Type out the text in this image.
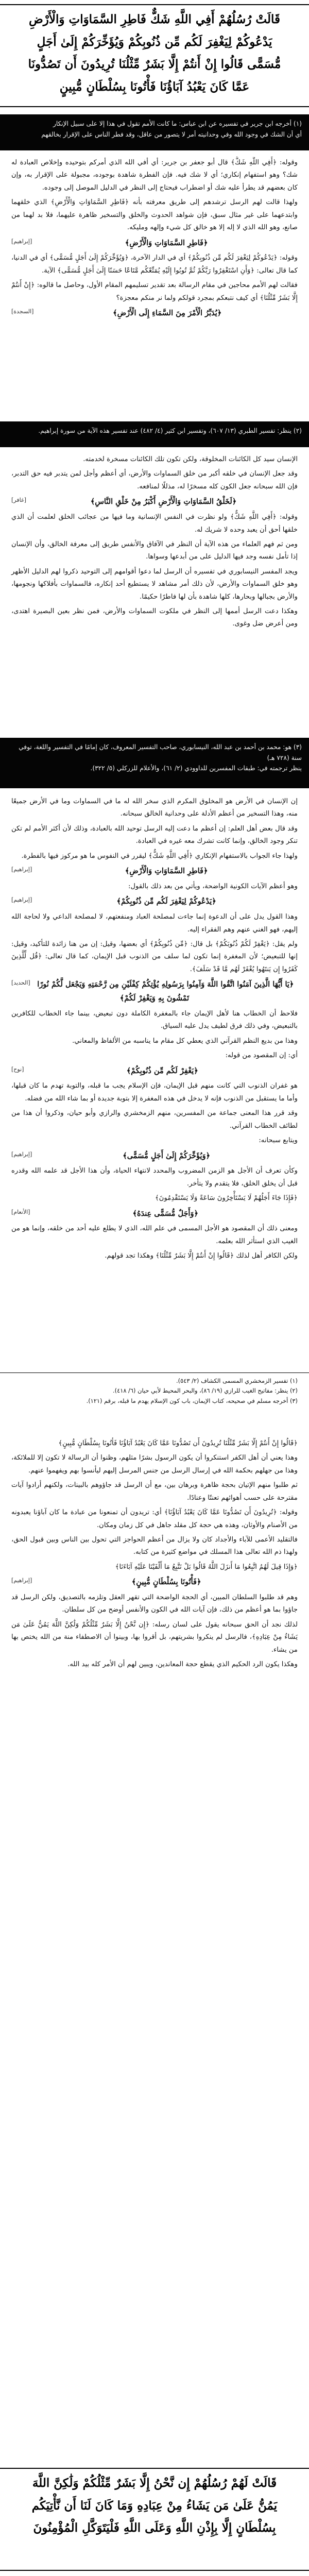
قَالَتْ رُسُلُهُمْ أَفِي اللَّهِ شَكٌّ فَاطِرِ السَّمَاوَاتِ وَالْأَرْضِ
يَدْعُوكُمْ لِيَغْفِرَ لَكُم مِّن ذُنُوبِكُمْ وَيُؤَخِّرَكُمْ إِلَىٰ أَجَلٍ
مُّسَمًّى قَالُوا إِنْ أَنتُمْ إِلَّا بَشَرٌ مِّثْلُنَا تُرِيدُونَ أَن تَصُدُّونَا
عَمَّا كَانَ يَعْبُدُ آبَاؤُنَا فَأْتُونَا بِسُلْطَانٍ مُّبِينٍ
(١) أخرجه ابن جرير في تفسيره عن ابن عباس: ما كانت الأمم تقول في هذا إلا على سبيل الإنكار
أي أن الشك في وجود الله وفي وحدانيته أمر لا يتصور من عاقل، وقد فطر الناس على الإقرار بخالقهم

وقوله: ﴿أَفِي اللَّهِ شَكٌّ﴾ قال أبو جعفر بن جرير: أي أفي الله الذي أمركم بتوحيده وإخلاص العبادة له شك؟ وهو استفهام إنكاري؛ أي لا شك فيه. فإن الفطرة شاهدة بوجوده، مجبولة على الإقرار به، وإن كان بعضهم قد يطرأ عليه شك أو اضطراب فيحتاج إلى النظر في الدليل الموصل إلى وجوده.

ولهذا قالت لهم الرسل ترشدهم إلى طريق معرفته بأنه ﴿فَاطِرِ السَّمَاوَاتِ وَالْأَرْضِ﴾ الذي خلقهما وابتدعهما على غير مثال سبق، فإن شواهد الحدوث والخلق والتسخير ظاهرة عليهما، فلا بد لهما من صانع، وهو الله الذي لا إله إلا هو خالق كل شيء وإلهه ومليكه.

[إبراهيم]	﴿فَاطِرِ السَّمَاوَاتِ وَالْأَرْضِ﴾

وقوله: ﴿يَدْعُوكُمْ لِيَغْفِرَ لَكُم مِّن ذُنُوبِكُمْ﴾ أي في الدار الآخرة، ﴿وَيُؤَخِّرَكُمْ إِلَىٰ أَجَلٍ مُّسَمًّى﴾ أي في الدنيا، كما قال تعالى: ﴿وَأَنِ اسْتَغْفِرُوا رَبَّكُمْ ثُمَّ تُوبُوا إِلَيْهِ يُمَتِّعْكُم مَّتَاعًا حَسَنًا إِلَىٰ أَجَلٍ مُّسَمًّى﴾ الآية.

فقالت لهم الأمم محاجين في مقام الرسالة بعد تقدير تسليمهم المقام الأول، وحاصل ما قالوه: ﴿إِنْ أَنتُمْ إِلَّا بَشَرٌ مِّثْلُنَا﴾ أي كيف نتبعكم بمجرد قولكم ولما نر منكم معجزة؟

[السجدة]	﴿يُدَبِّرُ الْأَمْرَ مِنَ السَّمَاءِ إِلَى الْأَرْضِ﴾
(٢) ينظر: تفسير الطبري (١٣/ ٦٠٧)، وتفسير ابن كثير (٤/ ٤٨٢) عند تفسير هذه الآية من سورة إبراهيم.

الإنسان سيد كل الكائنات المخلوقة، ولكن تكون تلك الكائنات مسخرة لخدمته.

وقد جعل الإنسان في خلقه أكبر من خلق السماوات والأرض، أي أعظم وأجل لمن يتدبر فيه حق التدبر، فإن الله سبحانه جعل الكون كله مسخرًا له، مذللًا لمنافعه.

[غافر]	﴿لَخَلْقُ السَّمَاوَاتِ وَالْأَرْضِ أَكْبَرُ مِنْ خَلْقِ النَّاسِ﴾

وقوله: ﴿أَفِي اللَّهِ شَكٌّ﴾ ولو نظرت في النفس الإنسانية وما فيها من عجائب الخلق لعلمت أن الذي خلقها أحق أن يعبد وحده لا شريك له.

ومن ثم فهم العلماء من هذه الآية أن النظر في الآفاق والأنفس طريق إلى معرفة الخالق، وأن الإنسان إذا تأمل نفسه وجد فيها الدليل على من أبدعها وسواها.

ويجد المفسر النيسابوري في تفسيره أن الرسل لما دعوا أقوامهم إلى التوحيد ذكروا لهم الدليل الأظهر وهو خلق السماوات والأرض، لأن ذلك أمر مشاهد لا يستطيع أحد إنكاره، فالسماوات بأفلاكها ونجومها، والأرض بجبالها وبحارها، كلها شاهدة بأن لها فاطرًا حكيمًا.

وهكذا دعت الرسل أممها إلى النظر في ملكوت السماوات والأرض، فمن نظر بعين البصيرة اهتدى، ومن أعرض ضل وغوى.

(٣) هو: محمد بن أحمد بن عبد الله، النيسابوري، صاحب التفسير المعروف، كان إمامًا في التفسير واللغة، توفي سنة (٧٢٨ هـ)
ينظر ترجمته في: طبقات المفسرين للداوودي (٢/ ٦١)، والأعلام للزركلي (٥/ ٣٢٢).

إن الإنسان في الأرض هو المخلوق المكرم الذي سخر الله له ما في السماوات وما في الأرض جميعًا منه، وهذا التسخير من أعظم الأدلة على وحدانية الخالق سبحانه.

وقد قال بعض أهل العلم: إن أعظم ما دعت إليه الرسل توحيد الله بالعبادة، وذلك لأن أكثر الأمم لم تكن تنكر وجود الخالق، وإنما كانت تشرك معه غيره في العبادة.

ولهذا جاء الجواب بالاستفهام الإنكاري ﴿أَفِي اللَّهِ شَكٌّ﴾ ليقرر في النفوس ما هو مركوز فيها بالفطرة.

[إبراهيم]	﴿فَاطِرِ السَّمَاوَاتِ وَالْأَرْضِ﴾

وهو أعظم الآيات الكونية الواضحة، ويأتي من بعد ذلك بالقول:

[إبراهيم]	﴿يَدْعُوكُمْ لِيَغْفِرَ لَكُم مِّن ذُنُوبِكُمْ﴾

وهذا القول يدل على أن الدعوة إنما جاءت لمصلحة العباد ومنفعتهم، لا لمصلحة الداعي ولا لحاجة الله إليهم، فهو الغني عنهم وهم الفقراء إليه.

ولم يقل: ﴿يَغْفِرْ لَكُمْ ذُنُوبَكُمْ﴾ بل قال: ﴿مِّن ذُنُوبِكُمْ﴾ أي بعضها، وقيل: إن من هنا زائدة للتأكيد، وقيل: إنها للتبعيض؛ لأن المغفرة إنما تكون لما سلف من الذنوب قبل الإيمان، كما قال تعالى: ﴿قُل لِّلَّذِينَ كَفَرُوا إِن يَنتَهُوا يُغْفَرْ لَهُم مَّا قَدْ سَلَفَ﴾.

[الحديد] ﴿يَا أَيُّهَا الَّذِينَ آمَنُوا اتَّقُوا اللَّهَ وَآمِنُوا بِرَسُولِهِ يُؤْتِكُمْ كِفْلَيْنِ مِن رَّحْمَتِهِ وَيَجْعَل لَّكُمْ نُورًا تَمْشُونَ بِهِ وَيَغْفِرْ لَكُمْ﴾

فلاحظ أن الخطاب هنا لأهل الإيمان جاء بالمغفرة الكاملة دون تبعيض، بينما جاء الخطاب للكافرين بالتبعيض، وفي ذلك فرق لطيف يدل عليه السياق.

وهذا من بديع النظم القرآني الذي يعطي كل مقام ما يناسبه من الألفاظ والمعاني.

أي: إن المقصود من قوله:

[نوح]	﴿يَغْفِرْ لَكُم مِّن ذُنُوبِكُمْ﴾

هو غفران الذنوب التي كانت منهم قبل الإيمان، فإن الإسلام يجب ما قبله، والتوبة تهدم ما كان قبلها، وأما ما يستقبل من الذنوب فإنه لا يدخل في هذه المغفرة إلا بتوبة جديدة أو بما شاء الله من فضله.

وقد قرر هذا المعنى جماعة من المفسرين، منهم الزمخشري والرازي وأبو حيان، وذكروا أن هذا من لطائف الخطاب القرآني.

ويتابع سبحانه:

[إبراهيم]	﴿وَيُؤَخِّرَكُمْ إِلَىٰ أَجَلٍ مُّسَمًّى﴾

وكأن تعرف أن الأجل هو الزمن المضروب والمحدد لانتهاء الحياة، وأن هذا الأجل قد علمه الله وقدره قبل أن يخلق الخلق، فلا يتقدم ولا يتأخر.

﴿فَإِذَا جَاءَ أَجَلُهُمْ لَا يَسْتَأْخِرُونَ سَاعَةً وَلَا يَسْتَقْدِمُونَ﴾

[الأنعام]	﴿وَأَجَلٌ مُّسَمًّى عِندَهُ﴾

ومعنى ذلك أن المقصود هو الأجل المسمى في علم الله، الذي لا يطلع عليه أحد من خلقه، وإنما هو من الغيب الذي استأثر الله بعلمه.

ولكن الكافر أهل لذلك ﴿قَالُوا إِنْ أَنتُمْ إِلَّا بَشَرٌ مِّثْلُنَا﴾ وهكذا تجد قولهم.

(١) تفسير الزمخشري المسمى الكشاف (٢/ ٥٤٣).
(٢) ينظر: مفاتيح الغيب للرازي (١٩/ ٨٦)، والبحر المحيط لأبي حيان (٦/ ٤١٨).
(٣) أخرجه مسلم في صحيحه، كتاب الإيمان، باب كون الإسلام يهدم ما قبله، برقم (١٢١).

﴿قَالُوا إِنْ أَنتُمْ إِلَّا بَشَرٌ مِّثْلُنَا تُرِيدُونَ أَن تَصُدُّونَا عَمَّا كَانَ يَعْبُدُ آبَاؤُنَا فَأْتُونَا بِسُلْطَانٍ مُّبِينٍ﴾

وهذا يعني أن أهل الكفر استنكروا أن يكون الرسول بشرًا مثلهم، وظنوا أن الرسالة لا تكون إلا للملائكة، وهذا من جهلهم بحكمة الله في إرسال الرسل من جنس المرسل إليهم ليأنسوا بهم ويفهموا عنهم.

ثم طلبوا منهم الإتيان بحجة ظاهرة وبرهان بين، مع أن الرسل قد جاؤوهم بالبينات، ولكنهم أرادوا آيات مقترحة على حسب أهوائهم تعنتًا وعنادًا.

وقوله: ﴿تُرِيدُونَ أَن تَصُدُّونَا عَمَّا كَانَ يَعْبُدُ آبَاؤُنَا﴾ أي: تريدون أن تمنعونا من عبادة ما كان آباؤنا يعبدونه من الأصنام والأوثان، وهذه هي حجة كل مقلد جاهل في كل زمان ومكان.

فالتقليد الأعمى للآباء والأجداد كان ولا يزال من أعظم الحواجز التي تحول بين الناس وبين قبول الحق، ولهذا ذم الله تعالى هذا المسلك في مواضع كثيرة من كتابه.

﴿وَإِذَا قِيلَ لَهُمُ اتَّبِعُوا مَا أَنزَلَ اللَّهُ قَالُوا بَلْ نَتَّبِعُ مَا أَلْفَيْنَا عَلَيْهِ آبَاءَنَا﴾

[إبراهيم]	﴿فَأْتُونَا بِسُلْطَانٍ مُّبِينٍ﴾

وهم قد طلبوا السلطان المبين، أي الحجة الواضحة التي تقهر العقل وتلزمه بالتصديق، ولكن الرسل قد جاؤوا بما هو أعظم من ذلك، فإن آيات الله في الكون والأنفس أوضح من كل سلطان.

لذلك نجد أن الحق سبحانه يقول على لسان رسله: ﴿إِن نَّحْنُ إِلَّا بَشَرٌ مِّثْلُكُمْ وَلَٰكِنَّ اللَّهَ يَمُنُّ عَلَىٰ مَن يَشَاءُ مِنْ عِبَادِهِ﴾، فالرسل لم ينكروا بشريتهم، بل أقروا بها، وبينوا أن الاصطفاء منة من الله يختص بها من يشاء.

وهكذا يكون الرد الحكيم الذي يقطع حجة المعاندين، ويبين لهم أن الأمر كله بيد الله.

قَالَتْ لَهُمْ رُسُلُهُمْ إِن نَّحْنُ إِلَّا بَشَرٌ مِّثْلُكُمْ وَلَٰكِنَّ اللَّهَ
يَمُنُّ عَلَىٰ مَن يَشَاءُ مِنْ عِبَادِهِ وَمَا كَانَ لَنَا أَن نَّأْتِيَكُم
بِسُلْطَانٍ إِلَّا بِإِذْنِ اللَّهِ وَعَلَى اللَّهِ فَلْيَتَوَكَّلِ الْمُؤْمِنُونَ
